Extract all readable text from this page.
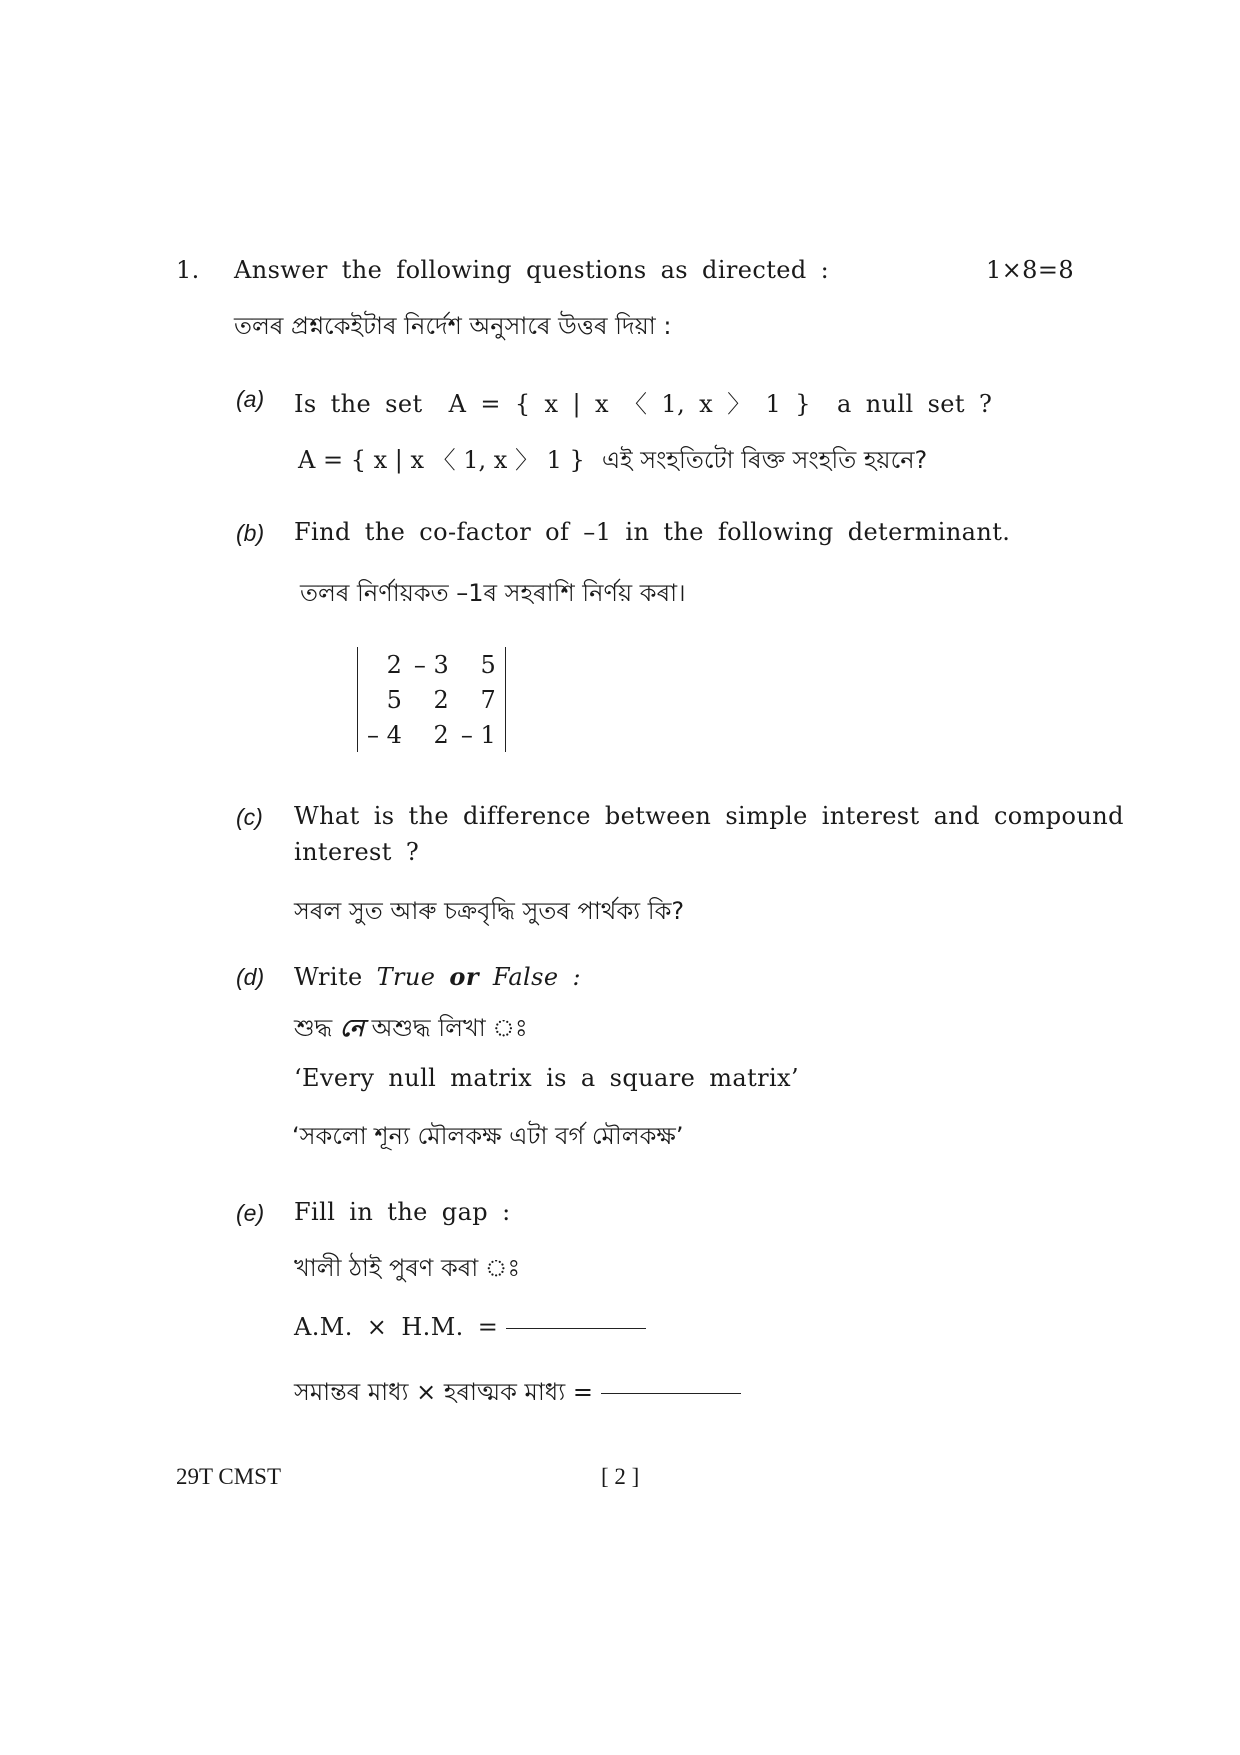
1. Answer the following questions as directed :	1×8=8
তলৰ প্ৰশ্নকেইটাৰ নিৰ্দেশ অনুসাৰে উত্তৰ দিয়া :
(a) Is the set A = { x | x 〈 1, x 〉 1 } a null set ?
A = { x | x 〈 1, x 〉 1 } এই সংহতিটো ৰিক্ত সংহতি হয়নে?
(b) Find the co-factor of –1 in the following determinant.
তলৰ নিৰ্ণায়কত –1ৰ সহৰাশি নিৰ্ণয় কৰা।
2	– 3	5
5	2	7
– 4	2	– 1
(c) What is the difference between simple interest and compound
interest ?
সৰল সুত আৰু চক্ৰবৃদ্ধি সুতৰ পাৰ্থক্য কি?
(d) Write True or False :
শুদ্ধ নে অশুদ্ধ লিখা ঃ
‘Every null matrix is a square matrix’
‘সকলো শূন্য মৌলকক্ষ এটা বৰ্গ মৌলকক্ষ’
(e) Fill in the gap :
খালী ঠাই পুৰণ কৰা ঃ
A.M. × H.M. =
সমান্তৰ মাধ্য × হৰাত্মক মাধ্য =
29T CMST	[ 2 ]
